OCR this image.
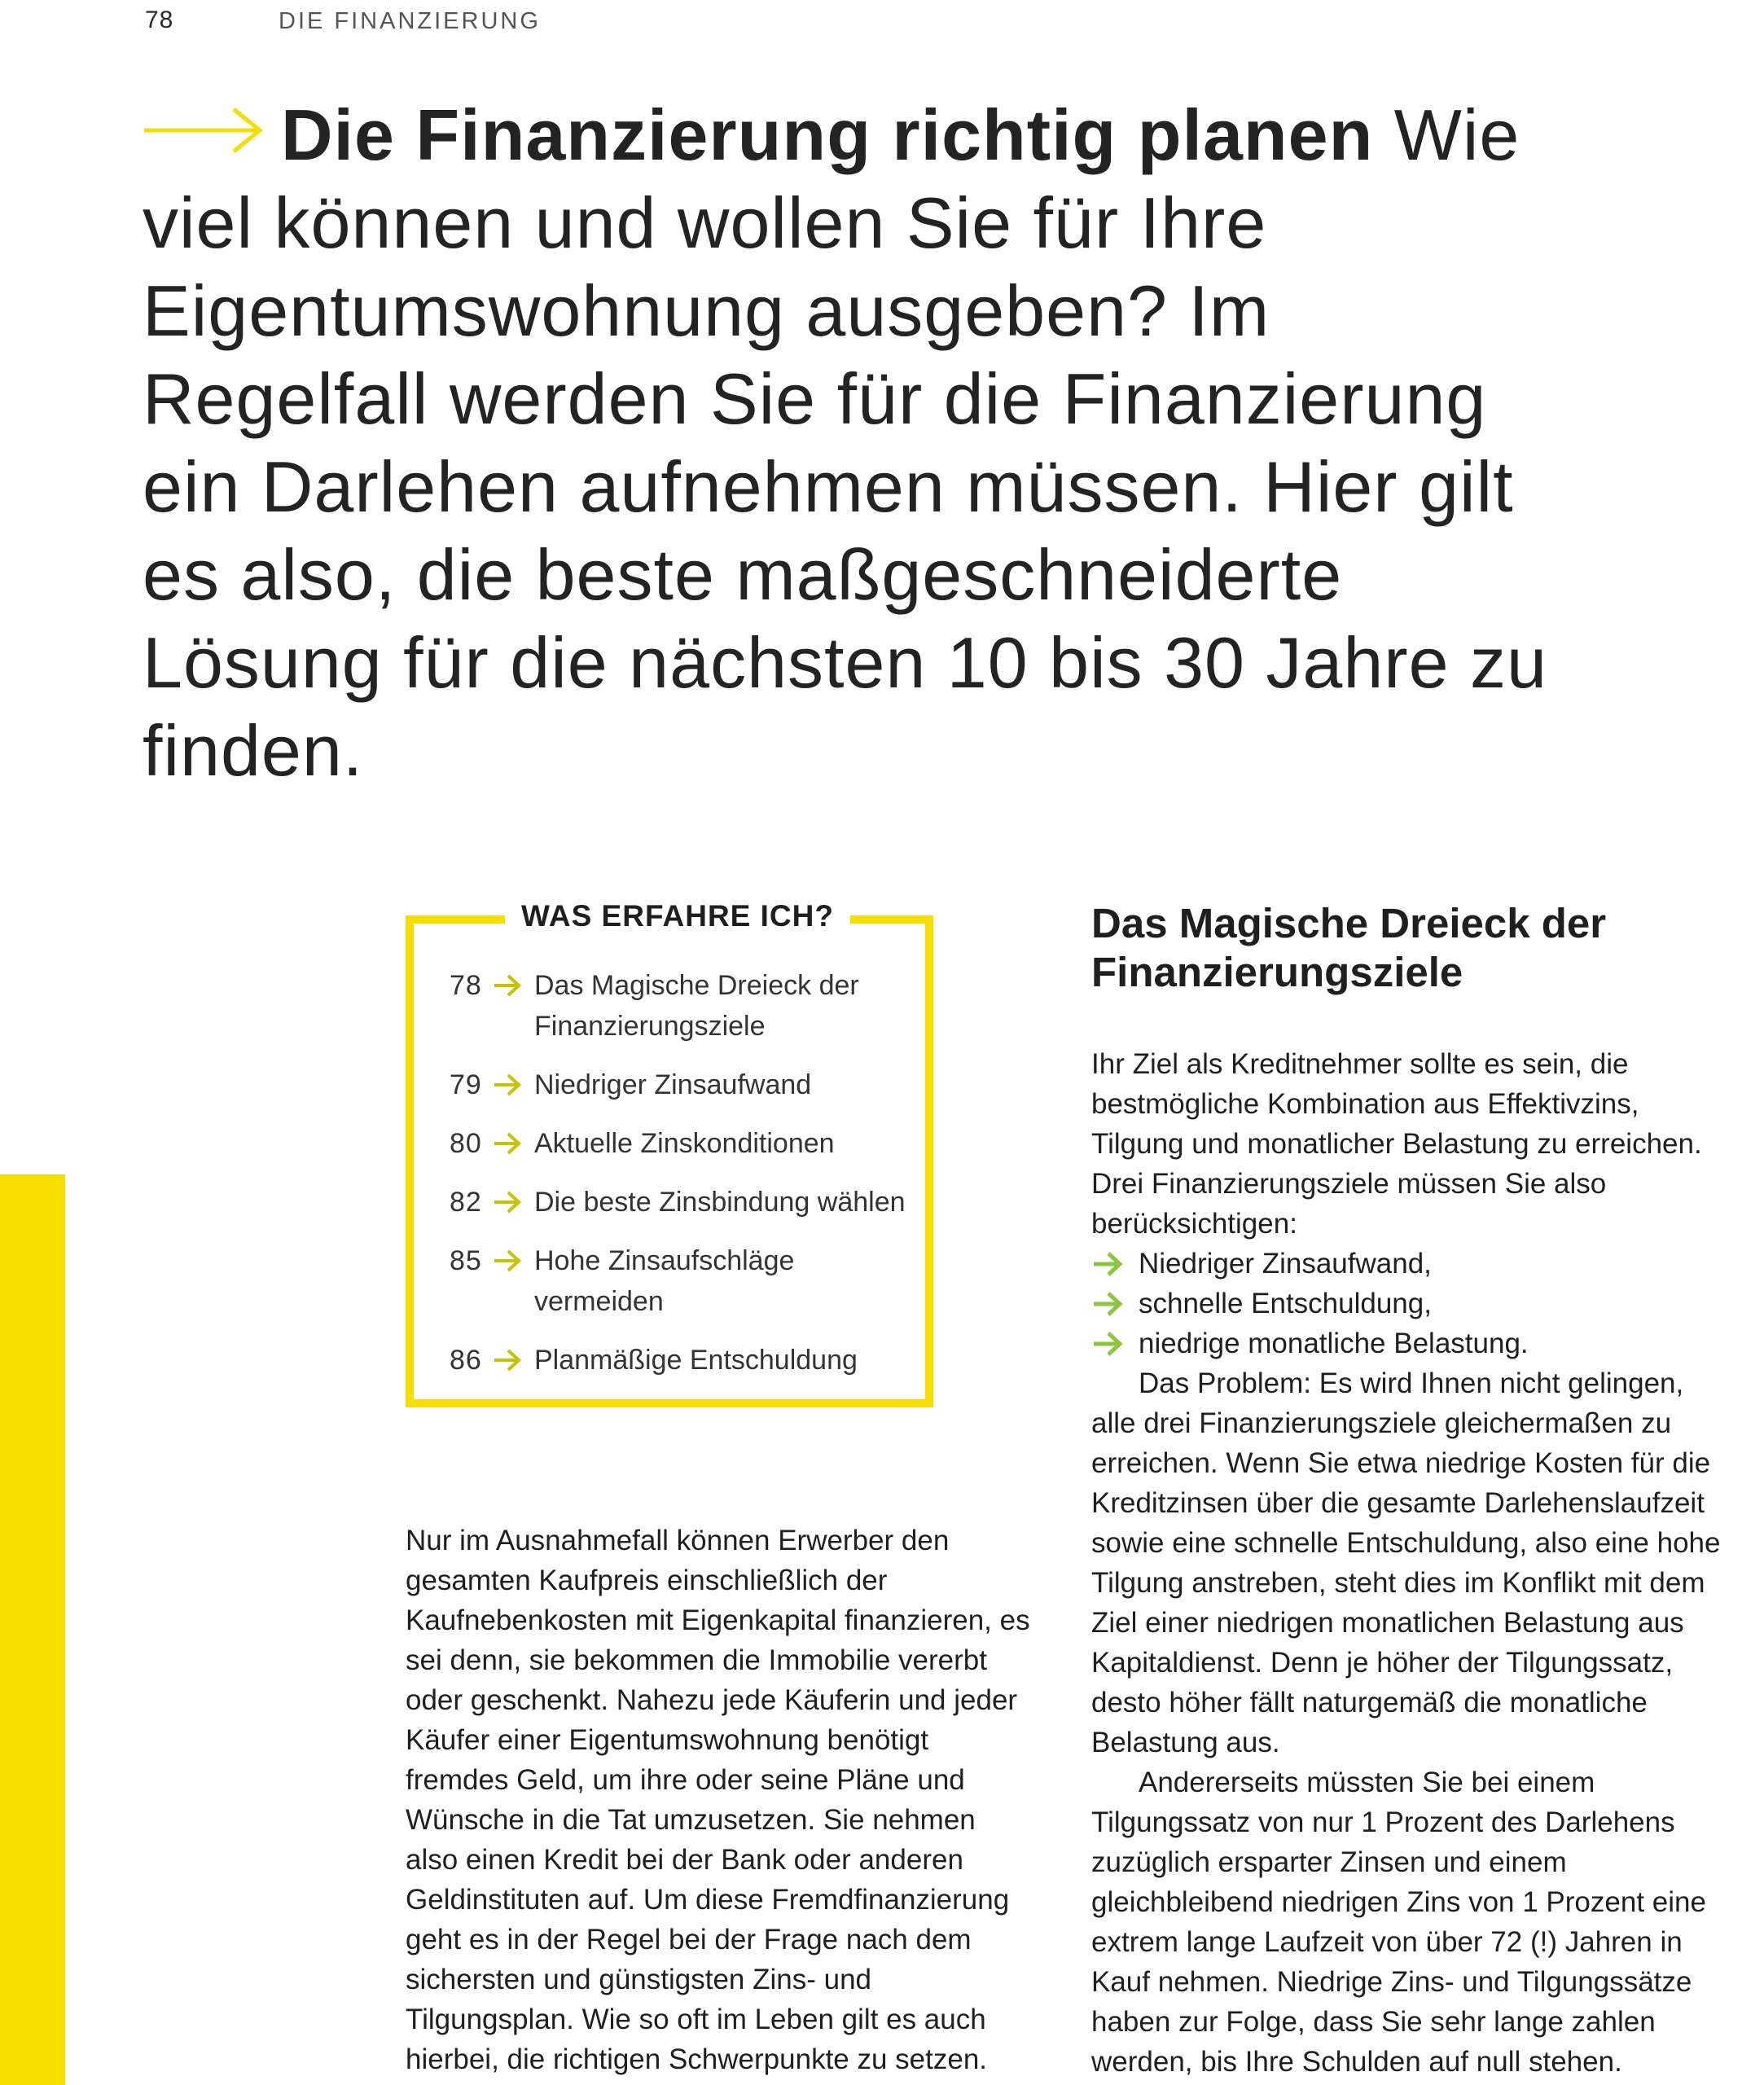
78	DIE FINANZIERUNG

Die Finanzierung richtig planen Wie viel können und wollen Sie für Ihre Eigentumswohnung ausgeben? Im Regelfall werden Sie für die Finanzierung ein Darlehen aufnehmen müssen. Hier gilt es also, die beste maßgeschneiderte Lösung für die nächsten 10 bis 30 Jahre zu finden.

WAS ERFAHRE ICH?
78 Das Magische Dreieck der Finanzierungsziele
79 Niedriger Zinsaufwand
80 Aktuelle Zinskonditionen
82 Die beste Zinsbindung wählen
85 Hohe Zinsaufschläge vermeiden
86 Planmäßige Entschuldung

Nur im Ausnahmefall können Erwerber den gesamten Kaufpreis einschließlich der Kaufnebenkosten mit Eigenkapital finanzieren, es sei denn, sie bekommen die Immobilie vererbt oder geschenkt. Nahezu jede Käuferin und jeder Käufer einer Eigentumswohnung benötigt fremdes Geld, um ihre oder seine Pläne und Wünsche in die Tat umzusetzen. Sie nehmen also einen Kredit bei der Bank oder anderen Geldinstituten auf. Um diese Fremdfinanzierung geht es in der Regel bei der Frage nach dem sichersten und günstigsten Zins- und Tilgungsplan. Wie so oft im Leben gilt es auch hierbei, die richtigen Schwerpunkte zu setzen.

Das Magische Dreieck der Finanzierungsziele

Ihr Ziel als Kreditnehmer sollte es sein, die bestmögliche Kombination aus Effektivzins, Tilgung und monatlicher Belastung zu erreichen.

Drei Finanzierungsziele müssen Sie also berücksichtigen:

Niedriger Zinsaufwand,
schnelle Entschuldung,
niedrige monatliche Belastung.

Das Problem: Es wird Ihnen nicht gelingen, alle drei Finanzierungsziele gleichermaßen zu erreichen. Wenn Sie etwa niedrige Kosten für die Kreditzinsen über die gesamte Darlehenslaufzeit sowie eine schnelle Entschuldung, also eine hohe Tilgung anstreben, steht dies im Konflikt mit dem Ziel einer niedrigen monatlichen Belastung aus Kapitaldienst. Denn je höher der Tilgungssatz, desto höher fällt naturgemäß die monatliche Belastung aus.

Andererseits müssten Sie bei einem Tilgungssatz von nur 1 Prozent des Darlehens zuzüglich ersparter Zinsen und einem gleichbleibend niedrigen Zins von 1 Prozent eine extrem lange Laufzeit von über 72 (!) Jahren in Kauf nehmen. Niedrige Zins- und Tilgungssätze haben zur Folge, dass Sie sehr lange zahlen werden, bis Ihre Schulden auf null stehen.
